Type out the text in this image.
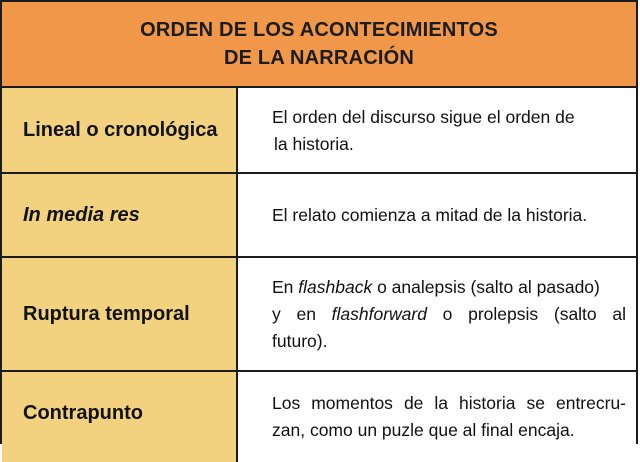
ORDEN DE LOS ACONTECIMIENTOS
DE LA NARRACIÓN
Lineal o cronológica
El orden del discurso sigue el orden de
la historia.
In media res	El relato comienza a mitad de la historia.
Ruptura temporal
En flashback o analepsis (salto al pasado)
y en flashforward o prolepsis (salto al
futuro).
Contrapunto	Los momentos de la historia se entrecru-
zan, como un puzle que al final encaja.
